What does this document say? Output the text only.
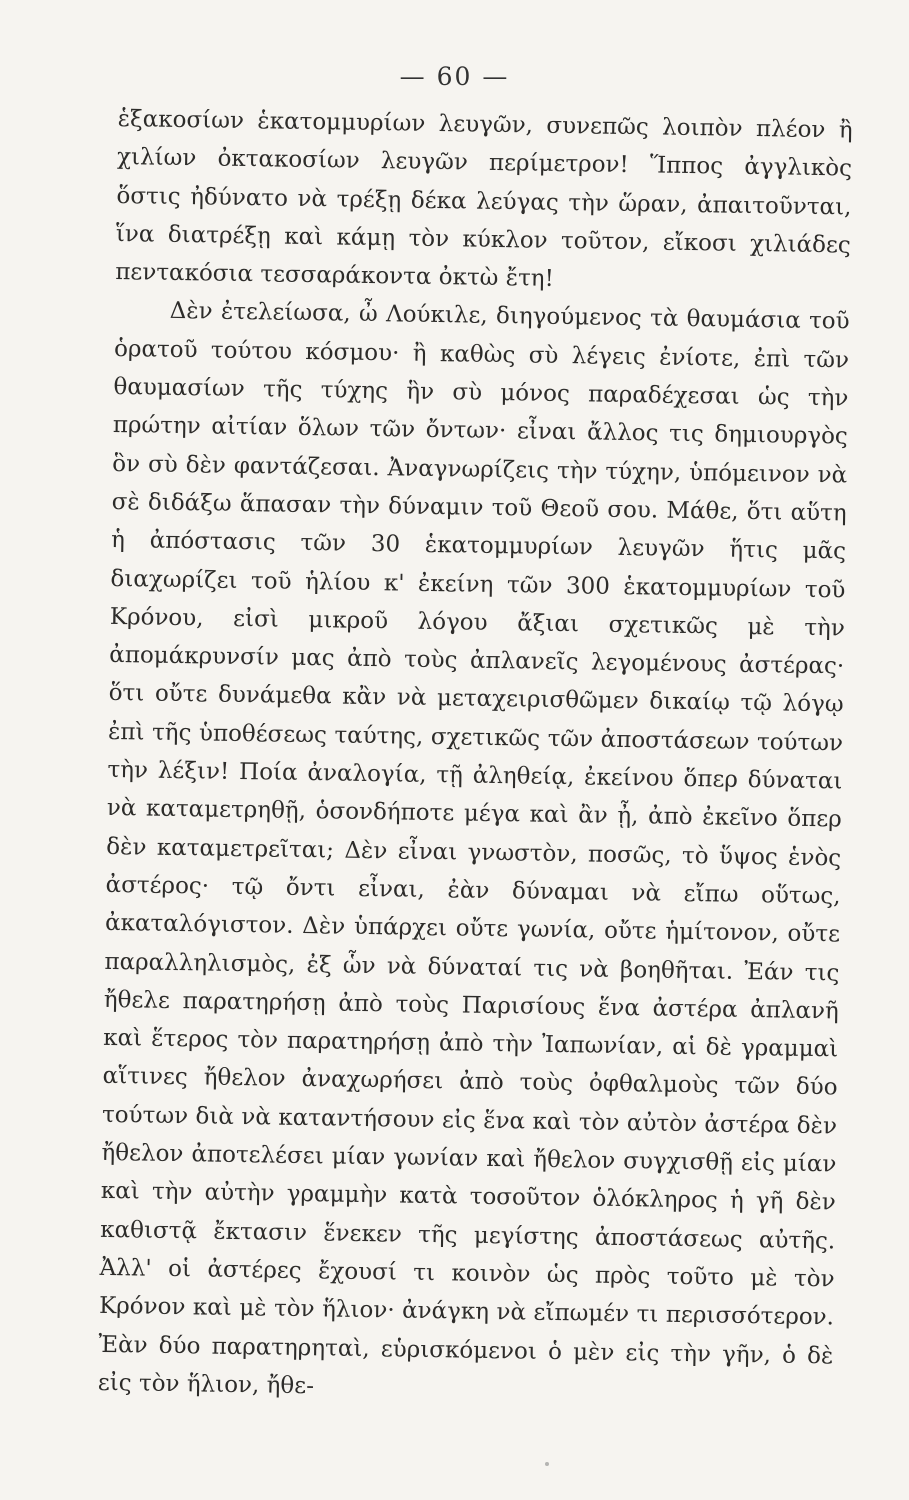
— 60 —

ἑξακοσίων ἑκατομμυρίων λευγῶν, συνεπῶς λοιπὸν πλέον ἢ χιλίων ὀκτακοσίων λευγῶν περίμετρον! Ἵππος ἀγγλικὸς ὅστις ἠδύνατο νὰ τρέξῃ δέκα λεύγας τὴν ὥραν, ἀπαιτοῦνται, ἵνα διατρέξῃ καὶ κάμῃ τὸν κύκλον τοῦτον, εἴκοσι χιλιάδες πεντακόσια τεσσαράκοντα ὀκτὼ ἔτη!

Δὲν ἐτελείωσα, ὦ Λούκιλε, διηγούμενος τὰ θαυμάσια τοῦ ὁρατοῦ τούτου κόσμου· ἢ καθὼς σὺ λέγεις ἐνίοτε, ἐπὶ τῶν θαυμασίων τῆς τύχης ἣν σὺ μόνος παραδέχεσαι ὡς τὴν πρώτην αἰτίαν ὅλων τῶν ὄντων· εἶναι ἄλλος τις δημιουργὸς ὃν σὺ δὲν φαντάζεσαι. Ἀναγνωρίζεις τὴν τύχην, ὑπόμεινον νὰ σὲ διδάξω ἅπασαν τὴν δύναμιν τοῦ Θεοῦ σου. Μάθε, ὅτι αὕτη ἡ ἀπόστασις τῶν 30 ἑκατομμυρίων λευγῶν ἥτις μᾶς διαχωρίζει τοῦ ἡλίου κ' ἐκείνη τῶν 300 ἑκατομμυρίων τοῦ Κρόνου, εἰσὶ μικροῦ λόγου ἄξιαι σχετικῶς μὲ τὴν ἀπομάκρυνσίν μας ἀπὸ τοὺς ἀπλανεῖς λεγομένους ἀστέρας· ὅτι οὔτε δυνάμεθα κἂν νὰ μεταχειρισθῶμεν δικαίῳ τῷ λόγῳ ἐπὶ τῆς ὑποθέσεως ταύτης, σχετικῶς τῶν ἀποστάσεων τούτων τὴν λέξιν! Ποία ἀναλογία, τῇ ἀληθείᾳ, ἐκείνου ὅπερ δύναται νὰ καταμετρηθῇ, ὁσονδήποτε μέγα καὶ ἂν ᾖ, ἀπὸ ἐκεῖνο ὅπερ δὲν καταμετρεῖται; Δὲν εἶναι γνωστὸν, ποσῶς, τὸ ὕψος ἑνὸς ἀστέρος· τῷ ὄντι εἶναι, ἐὰν δύναμαι νὰ εἴπω οὕτως, ἀκαταλόγιστον. Δὲν ὑπάρχει οὔτε γωνία, οὔτε ἡμίτονον, οὔτε παραλληλισμὸς, ἐξ ὧν νὰ δύναταί τις νὰ βοηθῆται. Ἐάν τις ἤθελε παρατηρήσῃ ἀπὸ τοὺς Παρισίους ἕνα ἀστέρα ἀπλανῆ καὶ ἕτερος τὸν παρατηρήσῃ ἀπὸ τὴν Ἰαπωνίαν, αἱ δὲ γραμμαὶ αἵτινες ἤθελον ἀναχωρήσει ἀπὸ τοὺς ὀφθαλμοὺς τῶν δύο τούτων διὰ νὰ καταντήσουν εἰς ἕνα καὶ τὸν αὐτὸν ἀστέρα δὲν ἤθελον ἀποτελέσει μίαν γωνίαν καὶ ἤθελον συγχισθῇ εἰς μίαν καὶ τὴν αὐτὴν γραμμὴν κατὰ τοσοῦτον ὁλόκληρος ἡ γῆ δὲν καθιστᾷ ἔκτασιν ἕνεκεν τῆς μεγίστης ἀποστάσεως αὐτῆς. Ἀλλ' οἱ ἀστέρες ἔχουσί τι κοινὸν ὡς πρὸς τοῦτο μὲ τὸν Κρόνον καὶ μὲ τὸν ἥλιον· ἀνάγκη νὰ εἴπωμέν τι περισσότερον. Ἐὰν δύο παρατηρηταὶ, εὑρισκόμενοι ὁ μὲν εἰς τὴν γῆν, ὁ δὲ εἰς τὸν ἥλιον, ἤθε-
